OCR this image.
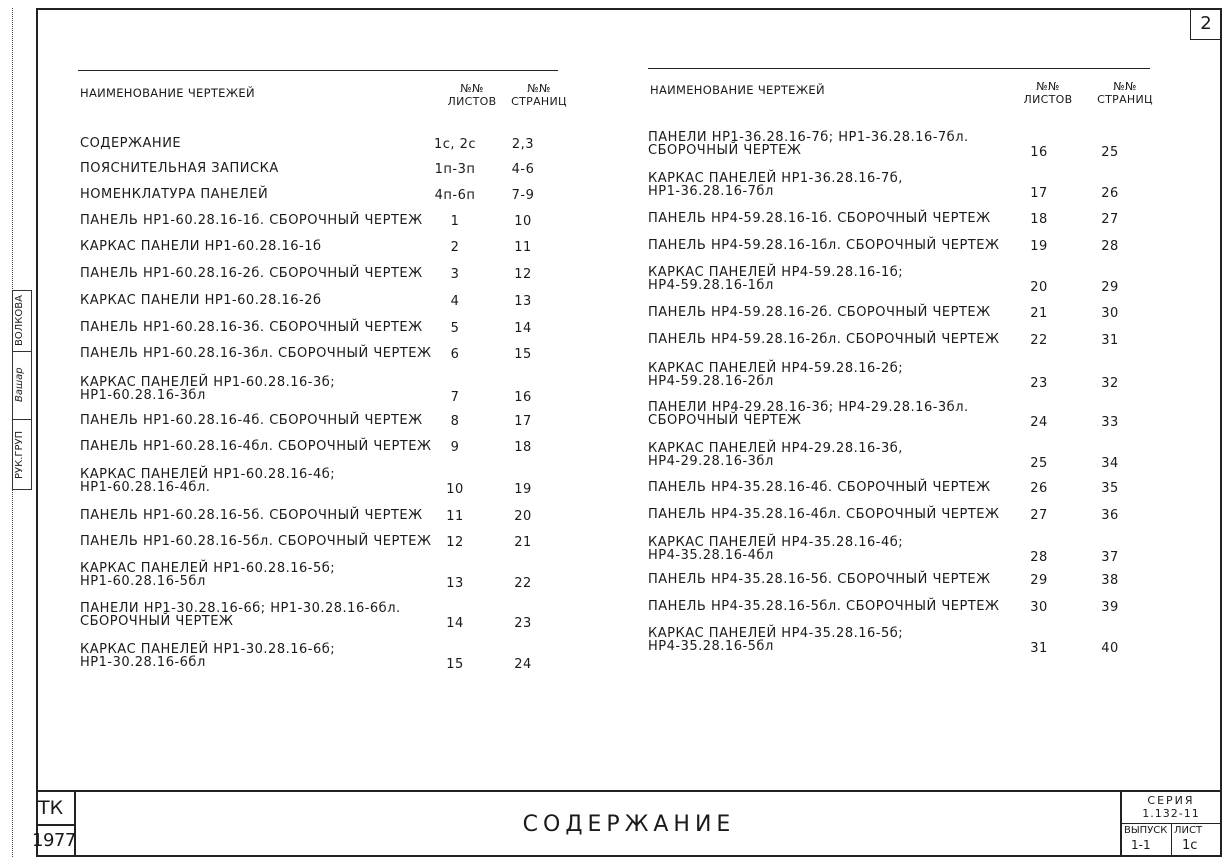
РУК.ГРУП
Вашар
ВОЛКОВА
2
НАИМЕНОВАНИЕ ЧЕРТЕЖЕЙ	№№
ЛИСТОВ
№№
СТРАНИЦ
НАИМЕНОВАНИЕ ЧЕРТЕЖЕЙ	№№
ЛИСТОВ
№№
СТРАНИЦ
СОДЕРЖАНИЕ	1с, 2с	2,3
ПОЯСНИТЕЛЬНАЯ ЗАПИСКА	1п-3п	4-6
НОМЕНКЛАТУРА ПАНЕЛЕЙ	4п-6п	7-9
ПАНЕЛЬ НР1-60.28.16-1б. СБОРОЧНЫЙ ЧЕРТЕЖ	1	10
КАРКАС ПАНЕЛИ НР1-60.28.16-1б	2	11
ПАНЕЛЬ НР1-60.28.16-2б. СБОРОЧНЫЙ ЧЕРТЕЖ	3	12
КАРКАС ПАНЕЛИ НР1-60.28.16-2б	4	13
ПАНЕЛЬ НР1-60.28.16-3б. СБОРОЧНЫЙ ЧЕРТЕЖ	5	14
ПАНЕЛЬ НР1-60.28.16-3бл. СБОРОЧНЫЙ ЧЕРТЕЖ	6	15
КАРКАС ПАНЕЛЕЙ НР1-60.28.16-3б;
НР1-60.28.16-3бл	7	16
ПАНЕЛЬ НР1-60.28.16-4б. СБОРОЧНЫЙ ЧЕРТЕЖ	8	17
ПАНЕЛЬ НР1-60.28.16-4бл. СБОРОЧНЫЙ ЧЕРТЕЖ	9	18
КАРКАС ПАНЕЛЕЙ НР1-60.28.16-4б;
НР1-60.28.16-4бл.	10	19
ПАНЕЛЬ НР1-60.28.16-5б. СБОРОЧНЫЙ ЧЕРТЕЖ	11	20
ПАНЕЛЬ НР1-60.28.16-5бл. СБОРОЧНЫЙ ЧЕРТЕЖ	12	21
КАРКАС ПАНЕЛЕЙ НР1-60.28.16-5б;
НР1-60.28.16-5бл	13	22
ПАНЕЛИ НР1-30.28.16-6б; НР1-30.28.16-6бл.
СБОРОЧНЫЙ ЧЕРТЕЖ	14	23
КАРКАС ПАНЕЛЕЙ НР1-30.28.16-6б;
НР1-30.28.16-6бл	15	24
ПАНЕЛИ НР1-36.28.16-7б; НР1-36.28.16-7бл.
СБОРОЧНЫЙ ЧЕРТЕЖ	16	25
КАРКАС ПАНЕЛЕЙ НР1-36.28.16-7б,
НР1-36.28.16-7бл	17	26
ПАНЕЛЬ НР4-59.28.16-1б. СБОРОЧНЫЙ ЧЕРТЕЖ	18	27
ПАНЕЛЬ НР4-59.28.16-1бл. СБОРОЧНЫЙ ЧЕРТЕЖ	19	28
КАРКАС ПАНЕЛЕЙ НР4-59.28.16-1б;
НР4-59.28.16-1бл	20	29
ПАНЕЛЬ НР4-59.28.16-2б. СБОРОЧНЫЙ ЧЕРТЕЖ	21	30
ПАНЕЛЬ НР4-59.28.16-2бл. СБОРОЧНЫЙ ЧЕРТЕЖ	22	31
КАРКАС ПАНЕЛЕЙ НР4-59.28.16-2б;
НР4-59.28.16-2бл	23	32
ПАНЕЛИ НР4-29.28.16-3б; НР4-29.28.16-3бл.
СБОРОЧНЫЙ ЧЕРТЕЖ	24	33
КАРКАС ПАНЕЛЕЙ НР4-29.28.16-3б,
НР4-29.28.16-3бл	25	34
ПАНЕЛЬ НР4-35.28.16-4б. СБОРОЧНЫЙ ЧЕРТЕЖ	26	35
ПАНЕЛЬ НР4-35.28.16-4бл. СБОРОЧНЫЙ ЧЕРТЕЖ	27	36
КАРКАС ПАНЕЛЕЙ НР4-35.28.16-4б;
НР4-35.28.16-4бл	28	37
ПАНЕЛЬ НР4-35.28.16-5б. СБОРОЧНЫЙ ЧЕРТЕЖ	29	38
ПАНЕЛЬ НР4-35.28.16-5бл. СБОРОЧНЫЙ ЧЕРТЕЖ	30	39
КАРКАС ПАНЕЛЕЙ НР4-35.28.16-5б;
НР4-35.28.16-5бл	31	40
ТК
1977
СОДЕРЖАНИЕ
СЕРИЯ
1.132-11
ВЫПУСК ЛИСТ
1-1 1с
